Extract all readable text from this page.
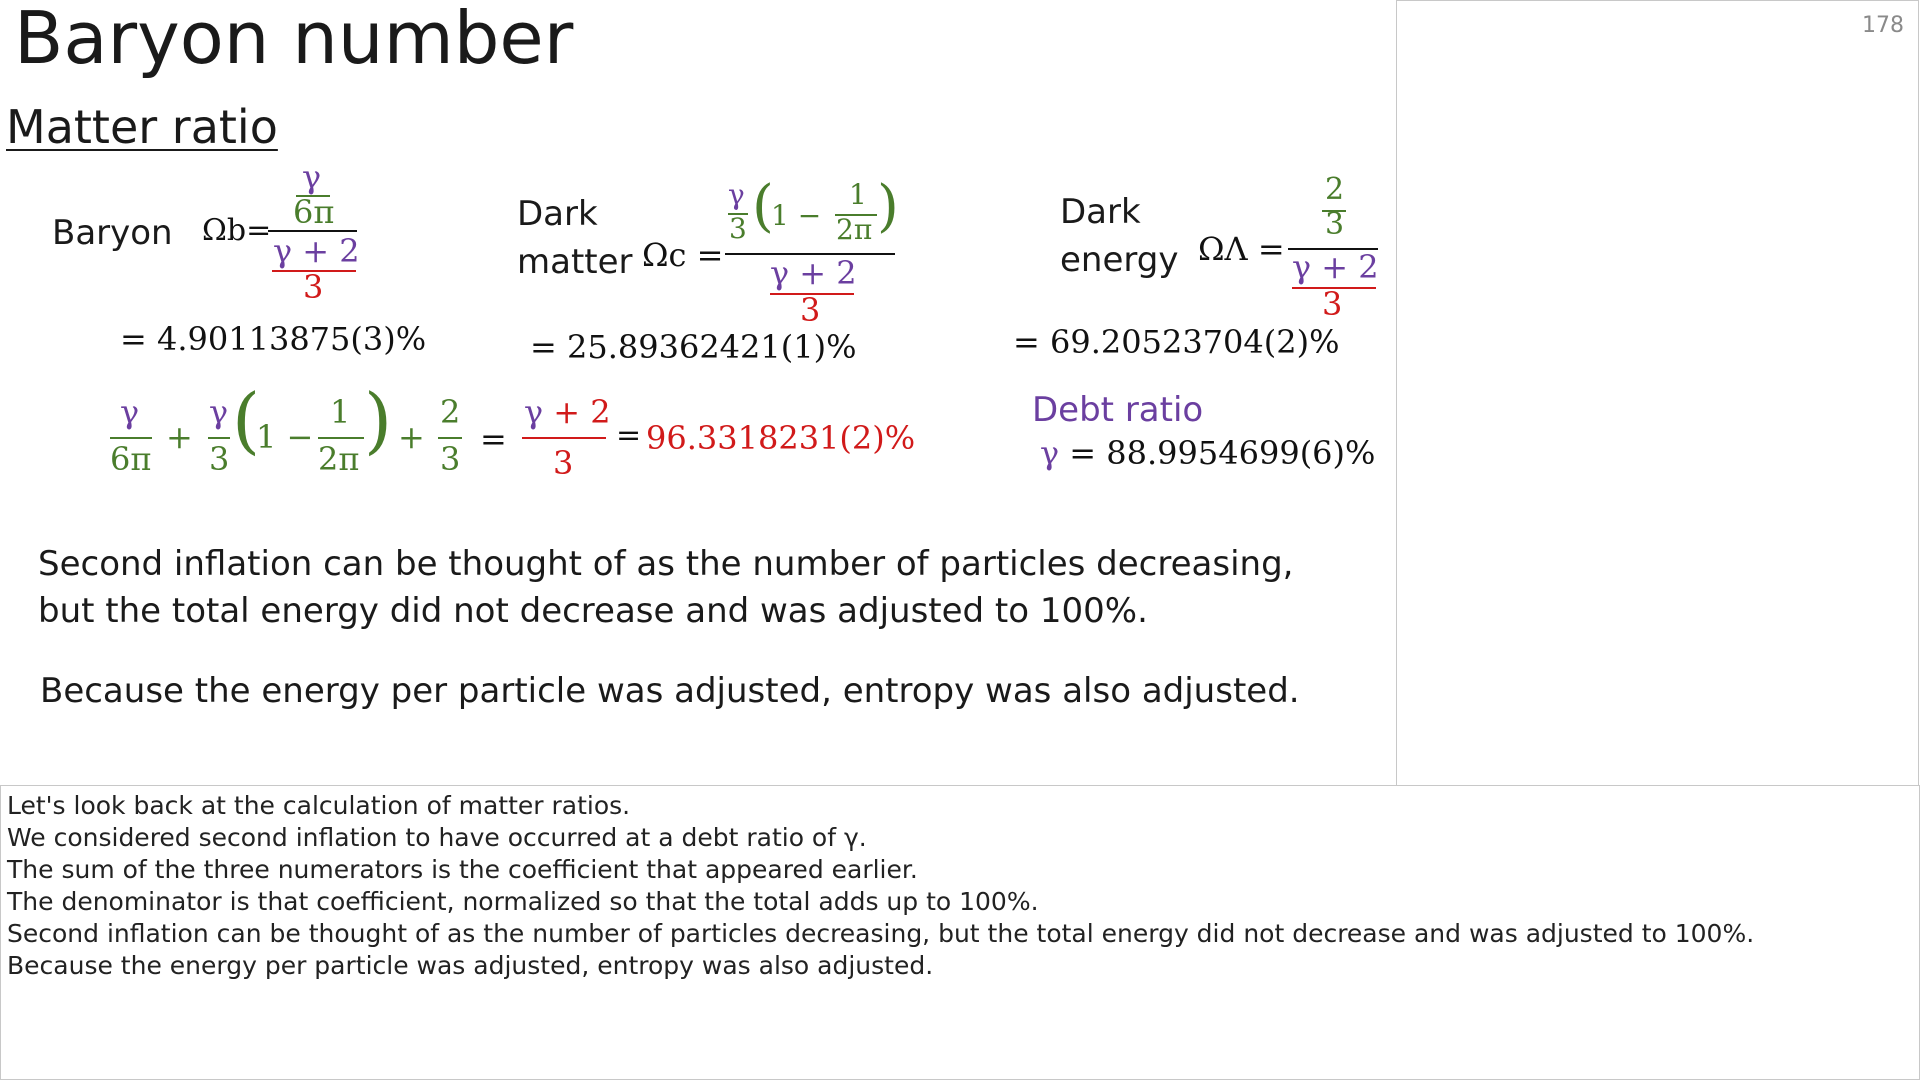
Baryon number
Matter ratio
Baryon Ωb=
γ
6π
γ + 2
3
= 4.90113875(3)%
Dark
matter Ωc =
γ
3 (
1 −
1
2π )
γ + 2
3
= 25.89362421(1)%
Dark
energy ΩΛ =
2
3
γ + 2
3
= 69.20523704(2)%
γ
6π
+
γ
3 (
1 −
1
2π ) +
2
3
=
γ + 2
3
= 96.3318231(2)%
Debt ratio
γ = 88.9954699(6)%
Second inflation can be thought of as the number of particles decreasing,
but the total energy did not decrease and was adjusted to 100%.
Because the energy per particle was adjusted, entropy was also adjusted.
178
Let's look back at the calculation of matter ratios.
We considered second inflation to have occurred at a debt ratio of γ.
The sum of the three numerators is the coefficient that appeared earlier.
The denominator is that coefficient, normalized so that the total adds up to 100%.
Second inflation can be thought of as the number of particles decreasing, but the total energy did not decrease and was adjusted to 100%.
Because the energy per particle was adjusted, entropy was also adjusted.
